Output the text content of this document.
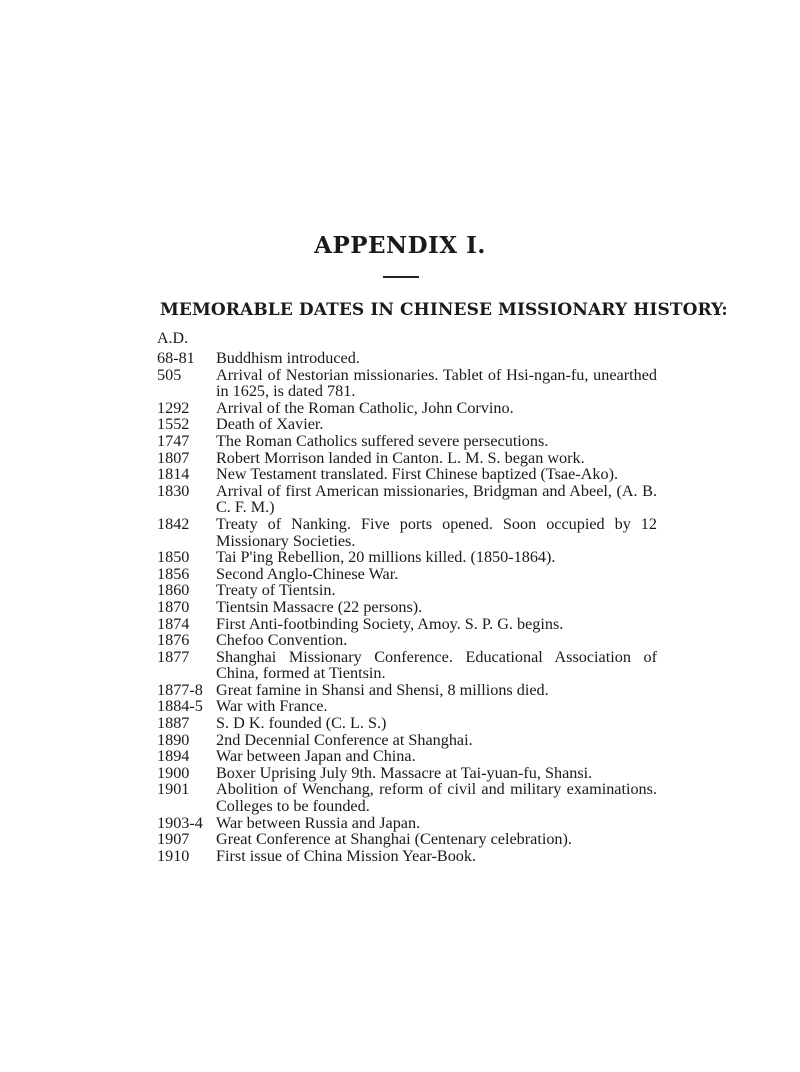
APPENDIX I.
MEMORABLE DATES IN CHINESE MISSIONARY HISTORY:
A.D.
68-81	Buddhism introduced.
505	Arrival of Nestorian missionaries. Tablet of Hsi-ngan-fu, unearthed in 1625, is dated 781.
1292	Arrival of the Roman Catholic, John Corvino.
1552	Death of Xavier.
1747	The Roman Catholics suffered severe persecutions.
1807	Robert Morrison landed in Canton. L. M. S. began work.
1814	New Testament translated. First Chinese baptized (Tsae-Ako).
1830	Arrival of first American missionaries, Bridgman and Abeel, (A. B. C. F. M.)
1842	Treaty of Nanking. Five ports opened. Soon occupied by 12 Missionary Societies.
1850	Tai P'ing Rebellion, 20 millions killed. (1850-1864).
1856	Second Anglo-Chinese War.
1860	Treaty of Tientsin.
1870	Tientsin Massacre (22 persons).
1874	First Anti-footbinding Society, Amoy. S. P. G. begins.
1876	Chefoo Convention.
1877	Shanghai Missionary Conference. Educational Association of China, formed at Tientsin.
1877-8 Great famine in Shansi and Shensi, 8 millions died.
1884-5 War with France.
1887	S. D K. founded (C. L. S.)
1890	2nd Decennial Conference at Shanghai.
1894	War between Japan and China.
1900	Boxer Uprising July 9th. Massacre at Tai-yuan-fu, Shansi.
1901	Abolition of Wenchang, reform of civil and military examinations. Colleges to be founded.
1903-4 War between Russia and Japan.
1907	Great Conference at Shanghai (Centenary celebration).
1910	First issue of China Mission Year-Book.
